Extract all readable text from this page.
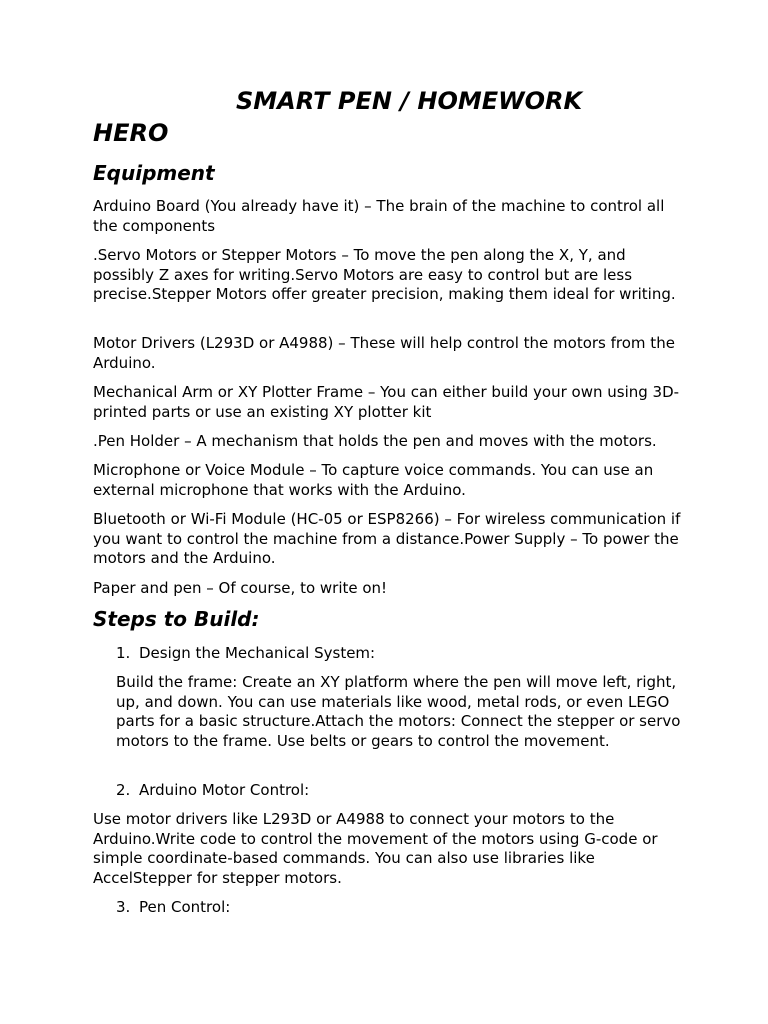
SMART PEN / HOMEWORK
HERO
Equipment
Arduino Board (You already have it) – The brain of the machine to control all the components
.Servo Motors or Stepper Motors – To move the pen along the X, Y, and possibly Z axes for writing.Servo Motors are easy to control but are less precise.Stepper Motors offer greater precision, making them ideal for writing.
Motor Drivers (L293D or A4988) – These will help control the motors from the Arduino.
Mechanical Arm or XY Plotter Frame – You can either build your own using 3D-printed parts or use an existing XY plotter kit
.Pen Holder – A mechanism that holds the pen and moves with the motors.
Microphone or Voice Module – To capture voice commands. You can use an external microphone that works with the Arduino.
Bluetooth or Wi-Fi Module (HC-05 or ESP8266) – For wireless communication if you want to control the machine from a distance.Power Supply – To power the motors and the Arduino.
Paper and pen – Of course, to write on!
Steps to Build:
1. Design the Mechanical System:
Build the frame: Create an XY platform where the pen will move left, right, up, and down. You can use materials like wood, metal rods, or even LEGO parts for a basic structure.Attach the motors: Connect the stepper or servo motors to the frame. Use belts or gears to control the movement.
2. Arduino Motor Control:
Use motor drivers like L293D or A4988 to connect your motors to the Arduino.Write code to control the movement of the motors using G-code or simple coordinate-based commands. You can also use libraries like AccelStepper for stepper motors.
3. Pen Control:
